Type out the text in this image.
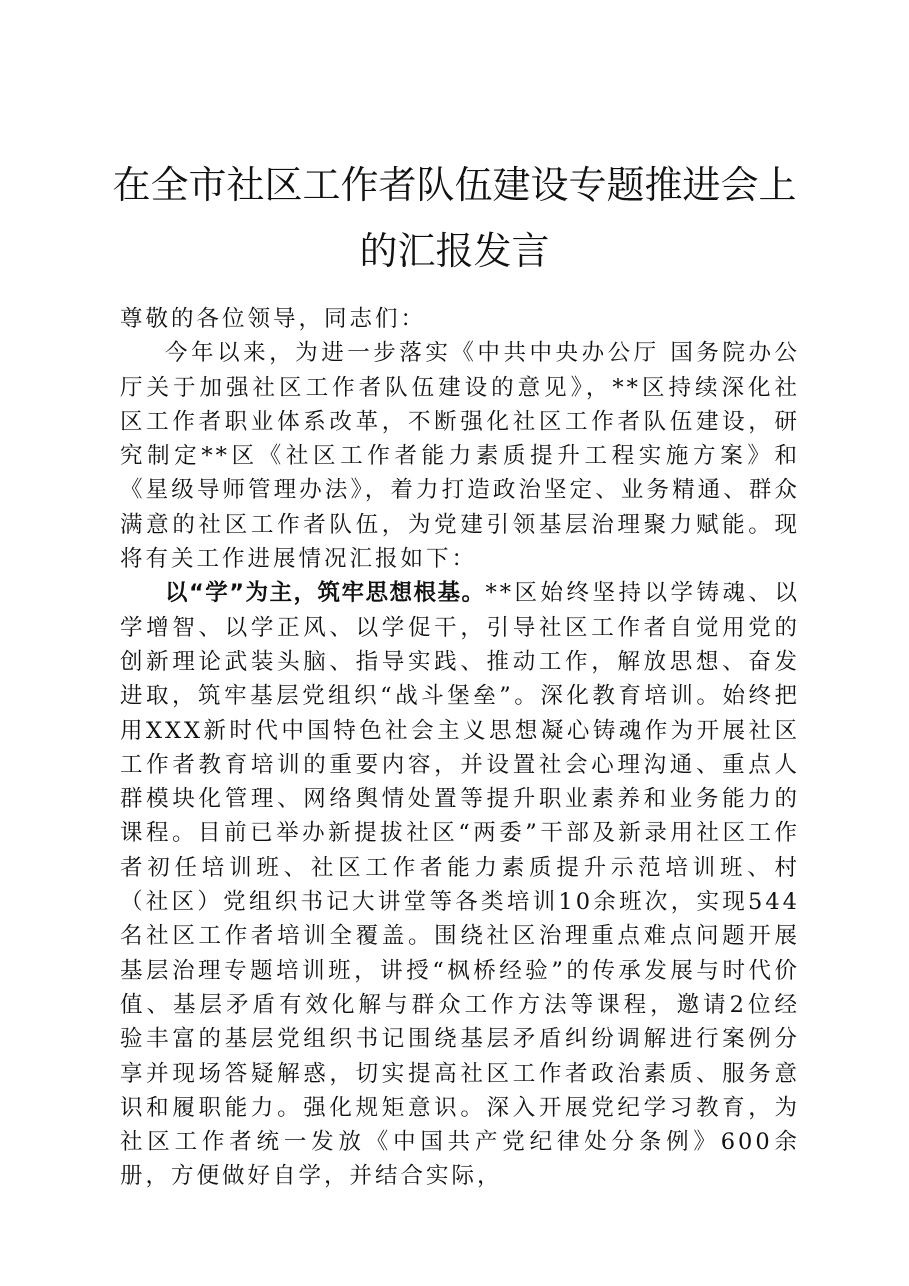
在全市社区工作者队伍建设专题推进会上的汇报发言

尊敬的各位领导，同志们：

今年以来，为进一步落实《中共中央办公厅 国务院办公厅关于加强社区工作者队伍建设的意见》，**区持续深化社区工作者职业体系改革，不断强化社区工作者队伍建设，研究制定**区《社区工作者能力素质提升工程实施方案》和《星级导师管理办法》，着力打造政治坚定、业务精通、群众满意的社区工作者队伍，为党建引领基层治理聚力赋能。现将有关工作进展情况汇报如下：

以“学”为主，筑牢思想根基。**区始终坚持以学铸魂、以学增智、以学正风、以学促干，引导社区工作者自觉用党的创新理论武装头脑、指导实践、推动工作，解放思想、奋发进取，筑牢基层党组织“战斗堡垒”。深化教育培训。始终把用XXX新时代中国特色社会主义思想凝心铸魂作为开展社区工作者教育培训的重要内容，并设置社会心理沟通、重点人群模块化管理、网络舆情处置等提升职业素养和业务能力的课程。目前已举办新提拔社区“两委”干部及新录用社区工作者初任培训班、社区工作者能力素质提升示范培训班、村（社区）党组织书记大讲堂等各类培训10余班次，实现544名社区工作者培训全覆盖。围绕社区治理重点难点问题开展基层治理专题培训班，讲授“枫桥经验”的传承发展与时代价值、基层矛盾有效化解与群众工作方法等课程，邀请2位经验丰富的基层党组织书记围绕基层矛盾纠纷调解进行案例分享并现场答疑解惑，切实提高社区工作者政治素质、服务意识和履职能力。强化规矩意识。深入开展党纪学习教育，为社区工作者统一发放《中国共产党纪律处分条例》600余册，方便做好自学，并结合实际，
